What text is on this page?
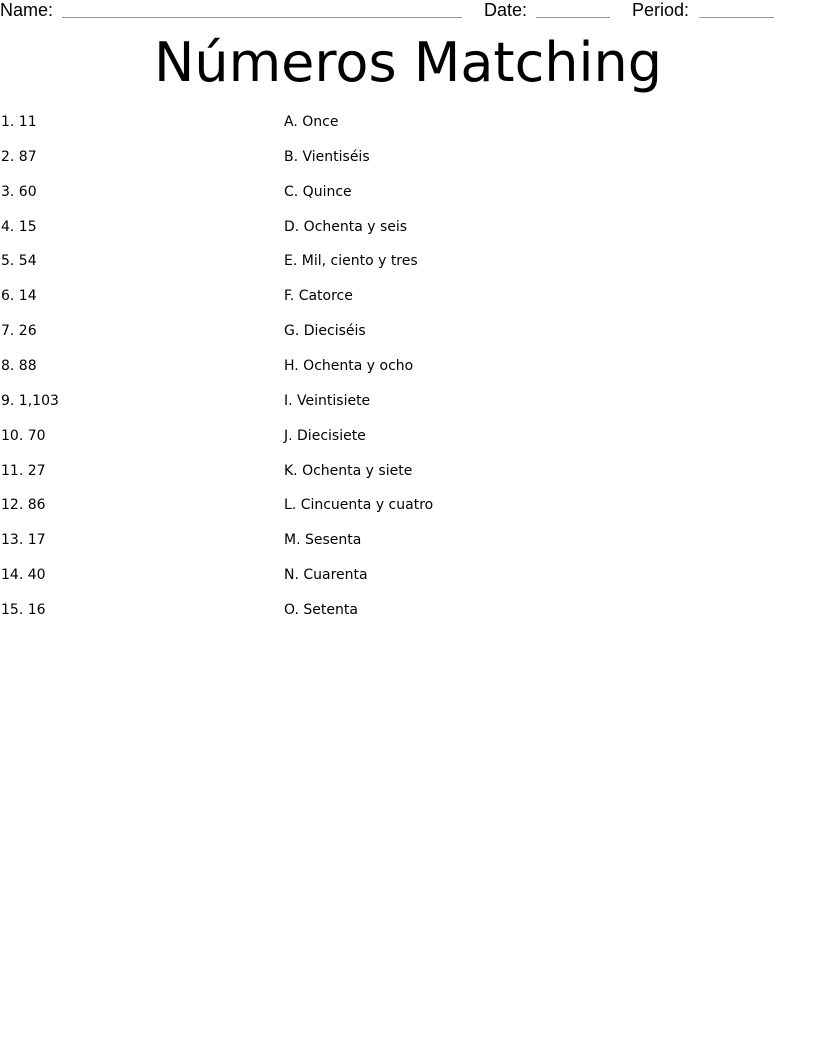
Name:	Date:	Period:
Números Matching
1. 11
2. 87
3. 60
4. 15
5. 54
6. 14
7. 26
8. 88
9. 1,103
10. 70
11. 27
12. 86
13. 17
14. 40
15. 16
A. Once
B. Vientiséis
C. Quince
D. Ochenta y seis
E. Mil, ciento y tres
F. Catorce
G. Dieciséis
H. Ochenta y ocho
I. Veintisiete
J. Diecisiete
K. Ochenta y siete
L. Cincuenta y cuatro
M. Sesenta
N. Cuarenta
O. Setenta
